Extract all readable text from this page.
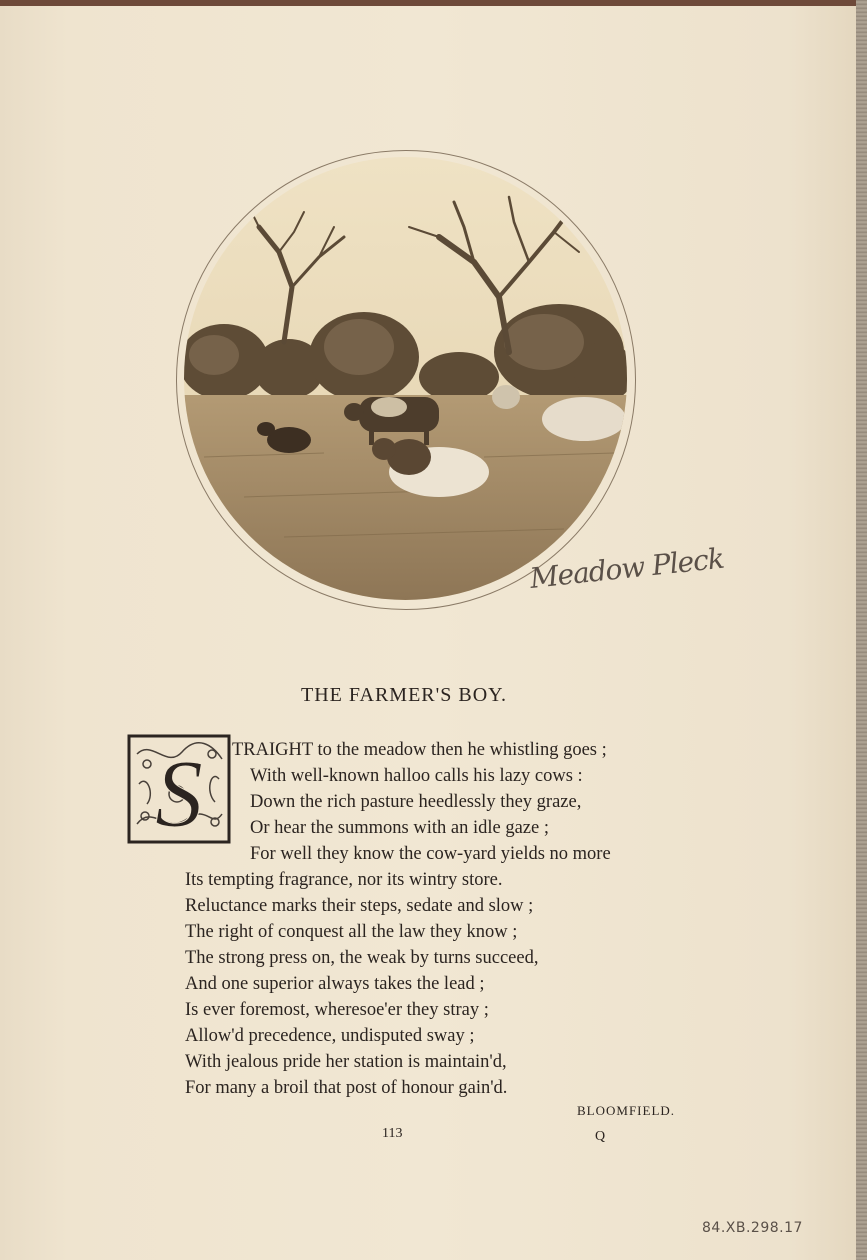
Meadow Pleck
THE FARMER'S BOY.
S TRAIGHT to the meadow then he whistling goes ;
With well-known halloo calls his lazy cows :
Down the rich pasture heedlessly they graze,
Or hear the summons with an idle gaze ;
For well they know the cow-yard yields no more
Its tempting fragrance, nor its wintry store.
Reluctance marks their steps, sedate and slow ;
The right of conquest all the law they know ;
The strong press on, the weak by turns succeed,
And one superior always takes the lead ;
Is ever foremost, wheresoe'er they stray ;
Allow'd precedence, undisputed sway ;
With jealous pride her station is maintain'd,
For many a broil that post of honour gain'd.
BLOOMFIELD.
113	Q
84.XB.298.17
